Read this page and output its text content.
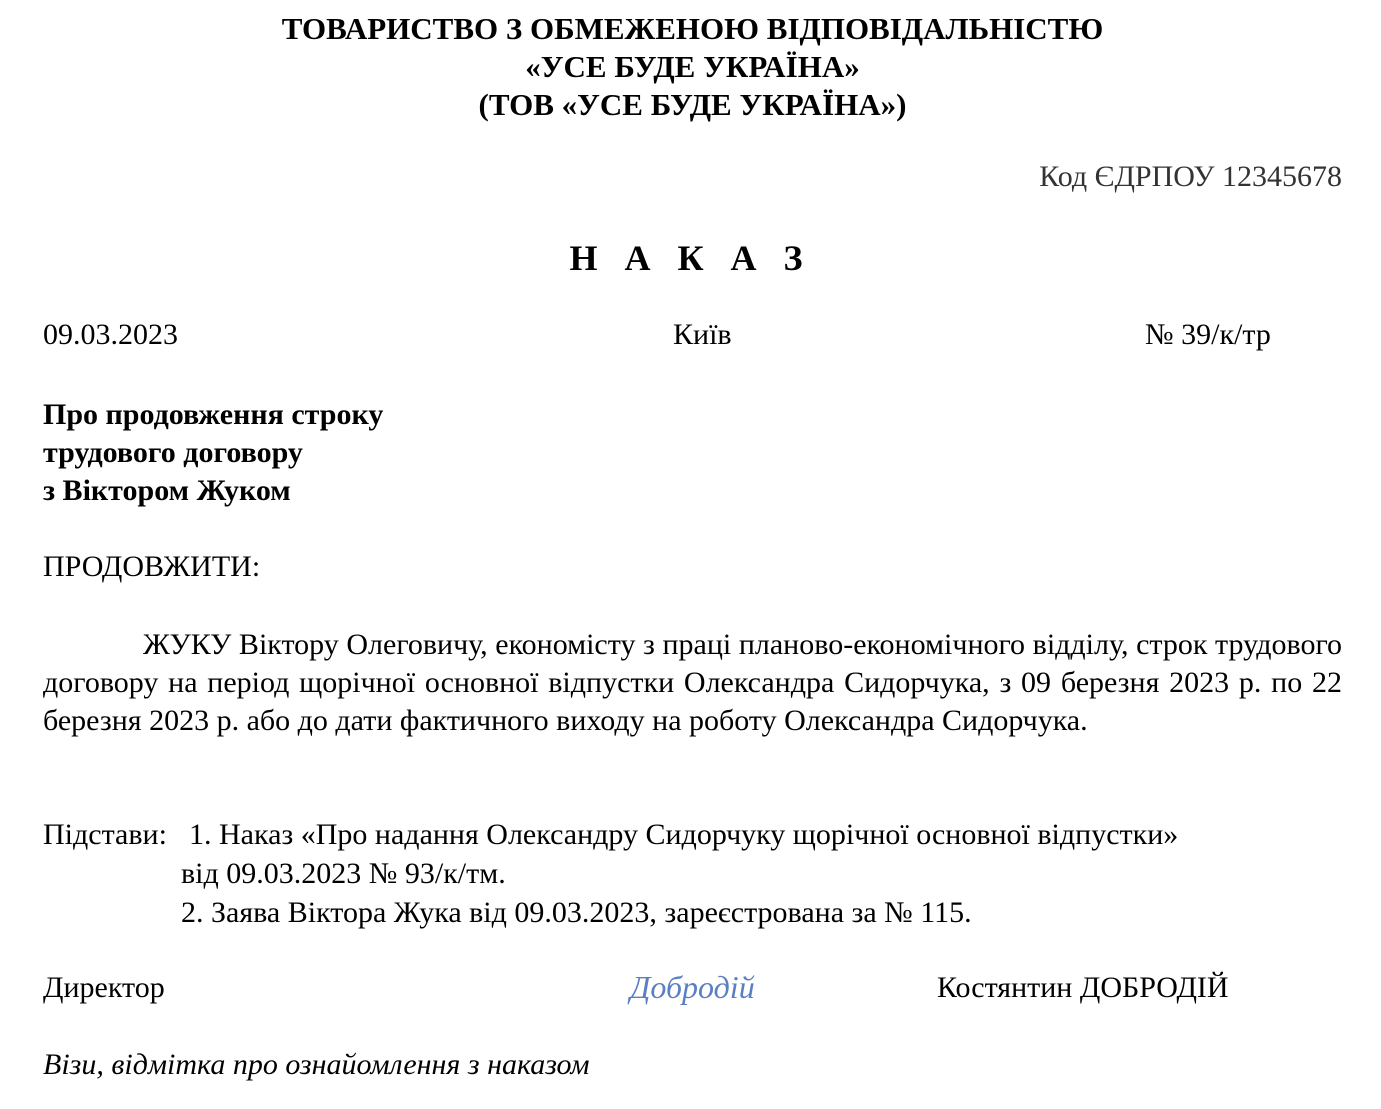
ТОВАРИСТВО З ОБМЕЖЕНОЮ ВІДПОВІДАЛЬНІСТЮ
«УСЕ БУДЕ УКРАЇНА»
(ТОВ «УСЕ БУДЕ УКРАЇНА»)
Код ЄДРПОУ 12345678
Н А К А З
09.03.2023	Київ	№ 39/к/тр
Про продовження строку
трудового договору
з Віктором Жуком
ПРОДОВЖИТИ:

ЖУКУ Віктору Олеговичу, економісту з праці планово-економічного відділу, строк трудового договору на період щорічної основної відпустки Олександра Сидорчука, з 09 березня 2023 р. по 22 березня 2023 р. або до дати фактичного виходу на роботу Олександра Сидорчука.

Підстави: 1. Наказ «Про надання Олександру Сидорчуку щорічної основної відпустки»
від 09.03.2023 № 93/к/тм.
2. Заява Віктора Жука від 09.03.2023, зареєстрована за № 115.
Директор	Добродій	Костянтин ДОБРОДІЙ
Візи, відмітка про ознайомлення з наказом
